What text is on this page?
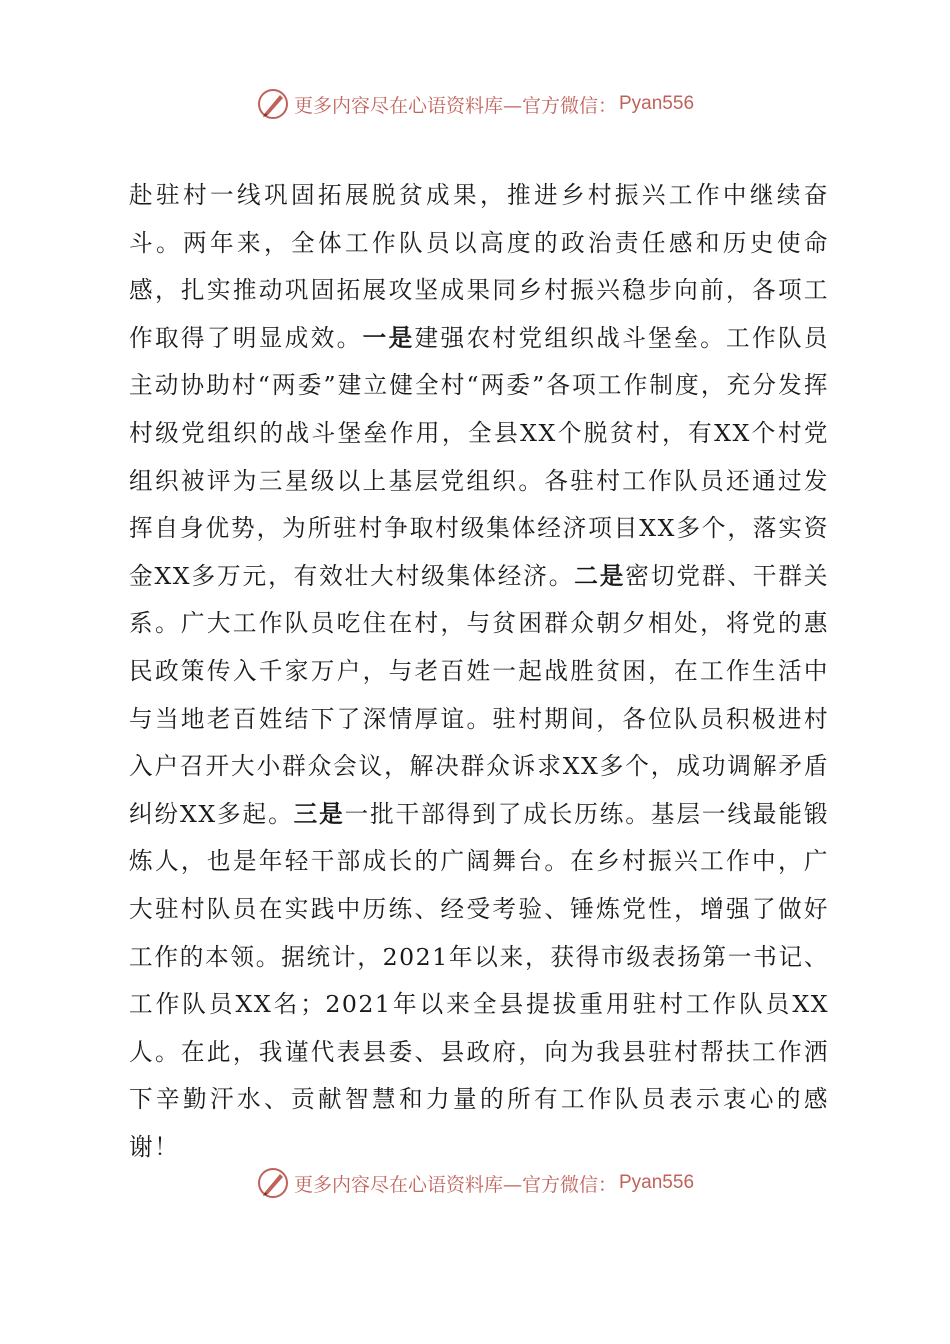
更多内容尽在心语资料库—官方微信： Pyan556
赴驻村一线巩固拓展脱贫成果，推进乡村振兴工作中继续奋斗。两年来，全体工作队员以高度的政治责任感和历史使命感，扎实推动巩固拓展攻坚成果同乡村振兴稳步向前，各项工作取得了明显成效。一是建强农村党组织战斗堡垒。工作队员主动协助村“两委”建立健全村“两委”各项工作制度，充分发挥村级党组织的战斗堡垒作用，全县XX个脱贫村，有XX个村党组织被评为三星级以上基层党组织。各驻村工作队员还通过发挥自身优势，为所驻村争取村级集体经济项目XX多个，落实资金XX多万元，有效壮大村级集体经济。二是密切党群、干群关系。广大工作队员吃住在村，与贫困群众朝夕相处，将党的惠民政策传入千家万户，与老百姓一起战胜贫困，在工作生活中与当地老百姓结下了深情厚谊。驻村期间，各位队员积极进村入户召开大小群众会议，解决群众诉求XX多个，成功调解矛盾纠纷XX多起。三是一批干部得到了成长历练。基层一线最能锻炼人，也是年轻干部成长的广阔舞台。在乡村振兴工作中，广大驻村队员在实践中历练、经受考验、锤炼党性，增强了做好工作的本领。据统计，2021年以来，获得市级表扬第一书记、工作队员XX名；2021年以来全县提拔重用驻村工作队员XX人。在此，我谨代表县委、县政府，向为我县驻村帮扶工作洒下辛勤汗水、贡献智慧和力量的所有工作队员表示衷心的感谢！
更多内容尽在心语资料库—官方微信： Pyan556
